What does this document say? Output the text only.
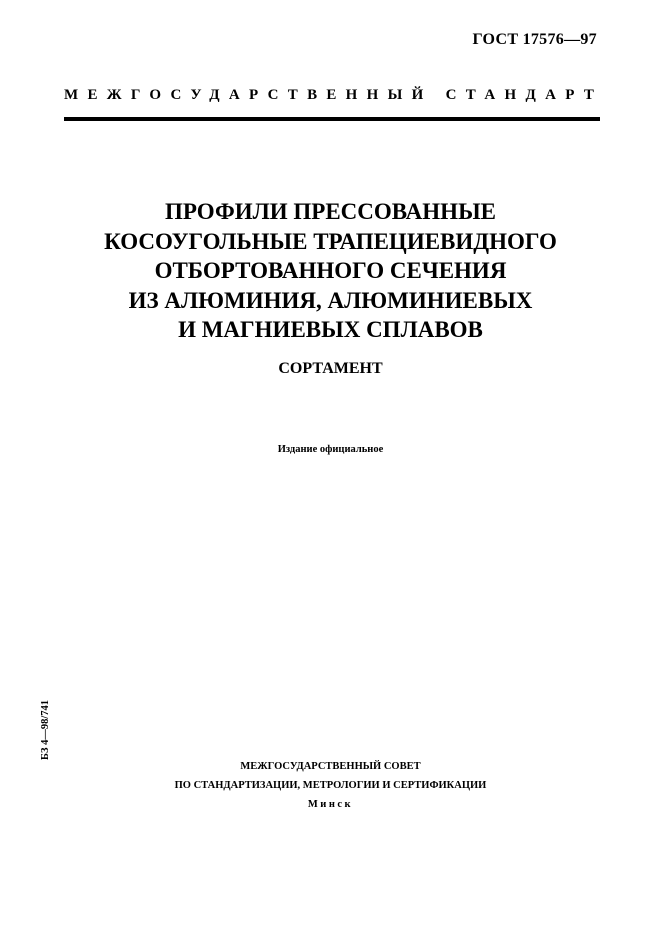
ГОСТ 17576—97
МЕЖГОСУДАРСТВЕННЫЙ СТАНДАРТ
ПРОФИЛИ ПРЕССОВАННЫЕ
КОСОУГОЛЬНЫЕ ТРАПЕЦИЕВИДНОГО
ОТБОРТОВАННОГО СЕЧЕНИЯ
ИЗ АЛЮМИНИЯ, АЛЮМИНИЕВЫХ
И МАГНИЕВЫХ СПЛАВОВ
СОРТАМЕНТ
Издание официальное
БЗ 4—98/741
МЕЖГОСУДАРСТВЕННЫЙ СОВЕТ
ПО СТАНДАРТИЗАЦИИ, МЕТРОЛОГИИ И СЕРТИФИКАЦИИ
Минск
